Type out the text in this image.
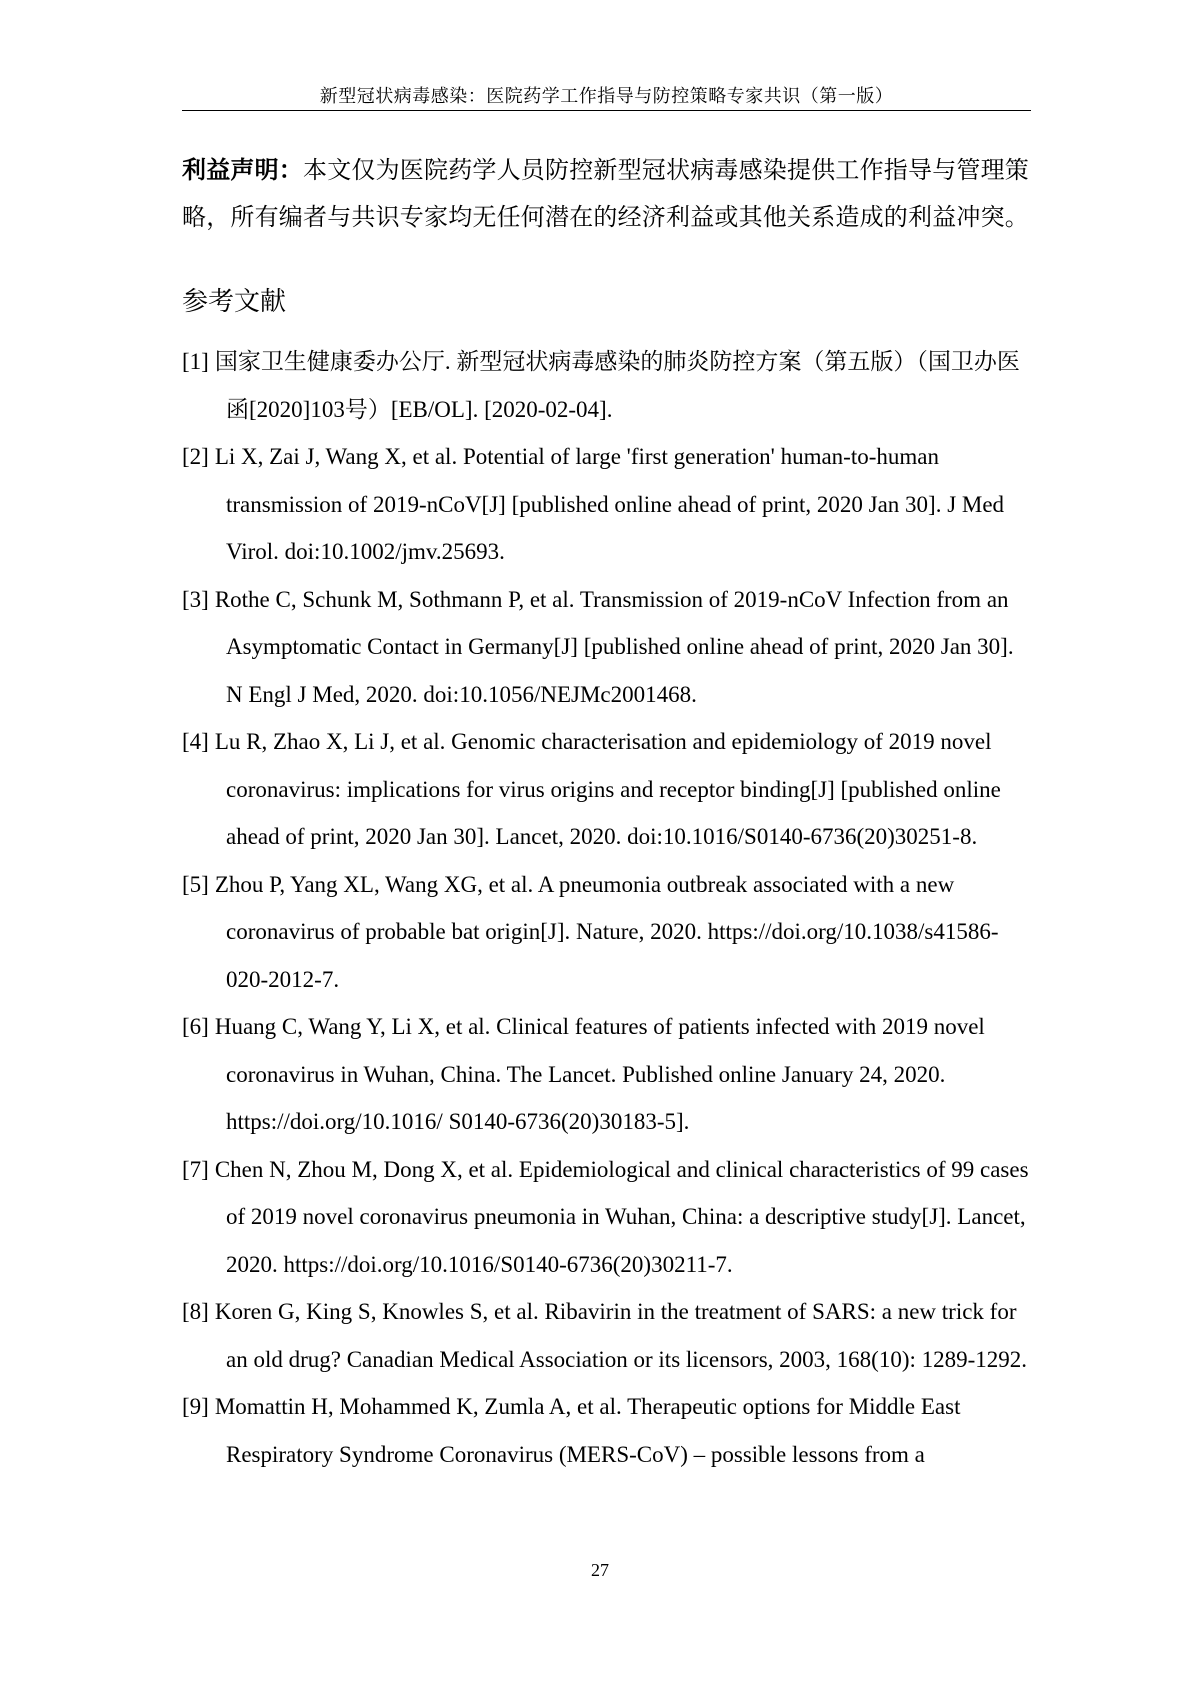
新型冠状病毒感染：医院药学工作指导与防控策略专家共识（第一版）
利益声明：本文仅为医院药学人员防控新型冠状病毒感染提供工作指导与管理策略，所有编者与共识专家均无任何潜在的经济利益或其他关系造成的利益冲突。
参考文献
[1] 国家卫生健康委办公厅. 新型冠状病毒感染的肺炎防控方案（第五版）（国卫办医函[2020]103号）[EB/OL]. [2020-02-04].
[2] Li X, Zai J, Wang X, et al. Potential of large 'first generation' human-to-human transmission of 2019-nCoV[J] [published online ahead of print, 2020 Jan 30]. J Med Virol. doi:10.1002/jmv.25693.
[3] Rothe C, Schunk M, Sothmann P, et al. Transmission of 2019-nCoV Infection from an Asymptomatic Contact in Germany[J] [published online ahead of print, 2020 Jan 30]. N Engl J Med, 2020. doi:10.1056/NEJMc2001468.
[4] Lu R, Zhao X, Li J, et al. Genomic characterisation and epidemiology of 2019 novel coronavirus: implications for virus origins and receptor binding[J] [published online ahead of print, 2020 Jan 30]. Lancet, 2020. doi:10.1016/S0140-6736(20)30251-8.
[5] Zhou P, Yang XL, Wang XG, et al. A pneumonia outbreak associated with a new coronavirus of probable bat origin[J]. Nature, 2020. https://doi.org/10.1038/s41586-020-2012-7.
[6] Huang C, Wang Y, Li X, et al. Clinical features of patients infected with 2019 novel coronavirus in Wuhan, China. The Lancet. Published online January 24, 2020. https://doi.org/10.1016/ S0140-6736(20)30183-5].
[7] Chen N, Zhou M, Dong X, et al. Epidemiological and clinical characteristics of 99 cases of 2019 novel coronavirus pneumonia in Wuhan, China: a descriptive study[J]. Lancet, 2020. https://doi.org/10.1016/S0140-6736(20)30211-7.
[8] Koren G, King S, Knowles S, et al. Ribavirin in the treatment of SARS: a new trick for an old drug? Canadian Medical Association or its licensors, 2003, 168(10): 1289-1292.
[9] Momattin H, Mohammed K, Zumla A, et al. Therapeutic options for Middle East Respiratory Syndrome Coronavirus (MERS-CoV) – possible lessons from a
27
